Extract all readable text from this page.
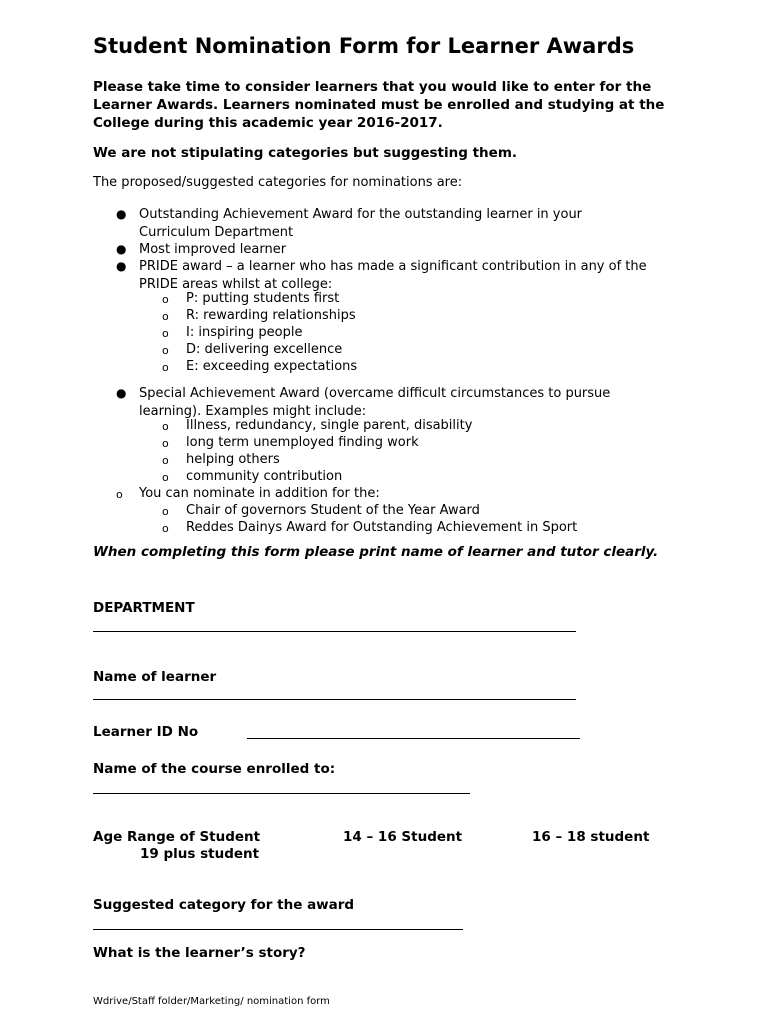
Student Nomination Form for Learner Awards
Please take time to consider learners that you would like to enter for the
Learner Awards. Learners nominated must be enrolled and studying at the
College during this academic year 2016-2017.
We are not stipulating categories but suggesting them.
The proposed/suggested categories for nominations are:
● Outstanding Achievement Award for the outstanding learner in your
Curriculum Department
● Most improved learner
● PRIDE award – a learner who has made a significant contribution in any of the
PRIDE areas whilst at college:
o P: putting students first
o R: rewarding relationships
o I: inspiring people
o D: delivering excellence
o E: exceeding expectations
● Special Achievement Award (overcame difficult circumstances to pursue
learning). Examples might include:
o Illness, redundancy, single parent, disability
o long term unemployed finding work
o helping others
o community contribution
o You can nominate in addition for the:
o Chair of governors Student of the Year Award
o Reddes Dainys Award for Outstanding Achievement in Sport
When completing this form please print name of learner and tutor clearly.
DEPARTMENT
Name of learner
Learner ID No
Name of the course enrolled to:
Age Range of Student	14 – 16 Student	16 – 18 student
19 plus student
Suggested category for the award
What is the learner’s story?
Wdrive/Staff folder/Marketing/ nomination form
